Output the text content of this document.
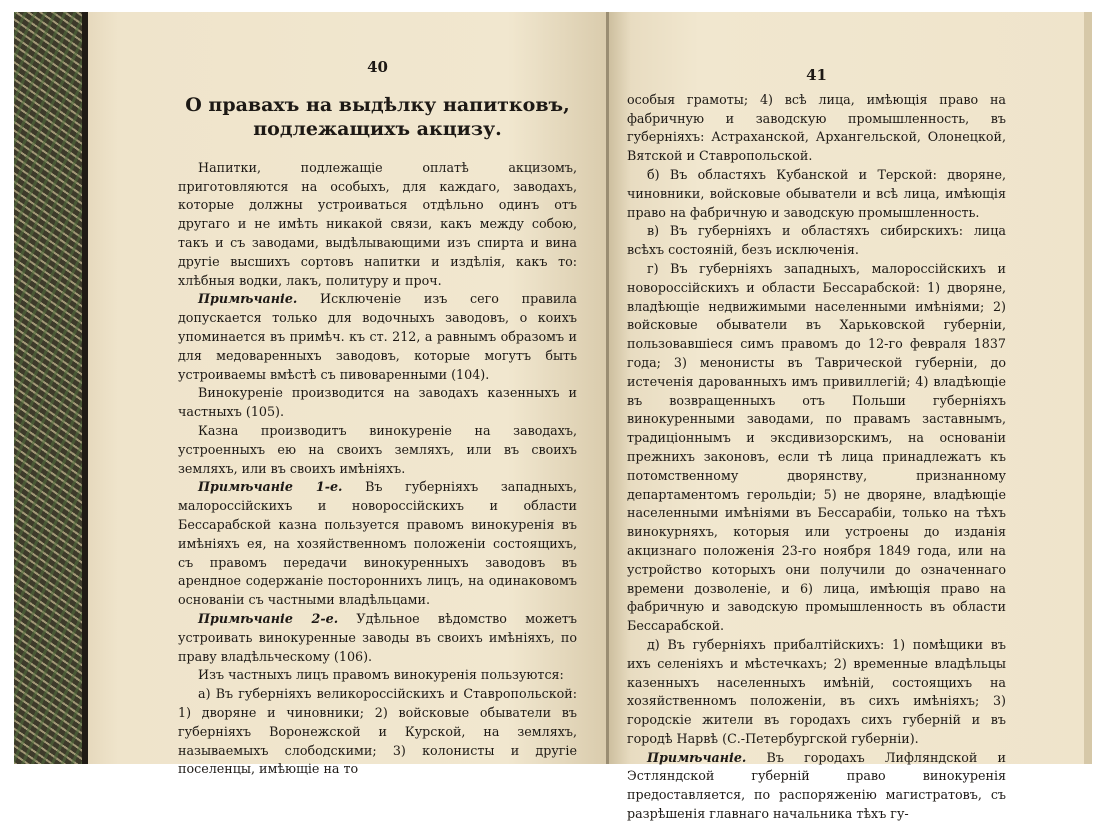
40
О правахъ на выдѣлку напитковъ, подлежащихъ акцизу.

Напитки, подлежащіе оплатѣ акцизомъ, приготовляются на особыхъ, для каждаго, заводахъ, которые должны устроиваться отдѣльно одинъ отъ другаго и не имѣть никакой связи, какъ между собою, такъ и съ заводами, выдѣлывающими изъ спирта и вина другіе высшихъ сортовъ напитки и издѣлія, какъ то: хлѣбныя водки, лакъ, политуру и проч.

Примѣчаніе. Исключеніе изъ сего правила допускается только для водочныхъ заводовъ, о коихъ упоминается въ примѣч. къ ст. 212, а равнымъ образомъ и для медоваренныхъ заводовъ, которые могутъ быть устроиваемы вмѣстѣ съ пивоваренными (104).

Винокуреніе производится на заводахъ казенныхъ и частныхъ (105).

Казна производитъ винокуреніе на заводахъ, устроенныхъ ею на своихъ земляхъ, или въ своихъ земляхъ, или въ своихъ имѣніяхъ.

Примѣчаніе 1-е. Въ губерніяхъ западныхъ, малороссійскихъ и новороссійскихъ и области Бессарабской казна пользуется правомъ винокуренія въ имѣніяхъ ея, на хозяйственномъ положеніи состоящихъ, съ правомъ передачи винокуренныхъ заводовъ въ арендное содержаніе постороннихъ лицъ, на одинаковомъ основаніи съ частными владѣльцами.

Примѣчаніе 2-е. Удѣльное вѣдомство можетъ устроивать винокуренные заводы въ своихъ имѣніяхъ, по праву владѣльческому (106).

Изъ частныхъ лицъ правомъ винокуренія пользуются:

а) Въ губерніяхъ великороссійскихъ и Ставропольской: 1) дворяне и чиновники; 2) войсковые обыватели въ губерніяхъ Воронежской и Курской, на земляхъ, называемыхъ слободскими; 3) колонисты и другіе поселенцы, имѣющіе на то

41

особыя грамоты; 4) всѣ лица, имѣющія право на фабричную и заводскую промышленность, въ губерніяхъ: Астраханской, Архангельской, Олонецкой, Вятской и Ставропольской.

б) Въ областяхъ Кубанской и Терской: дворяне, чиновники, войсковые обыватели и всѣ лица, имѣющія право на фабричную и заводскую промышленность.

в) Въ губерніяхъ и областяхъ сибирскихъ: лица всѣхъ состояній, безъ исключенія.

г) Въ губерніяхъ западныхъ, малороссійскихъ и новороссійскихъ и области Бессарабской: 1) дворяне, владѣющіе недвижимыми населенными имѣніями; 2) войсковые обыватели въ Харьковской губерніи, пользовавшіеся симъ правомъ до 12-го февраля 1837 года; 3) менонисты въ Таврической губерніи, до истеченія дарованныхъ имъ привиллегій; 4) владѣющіе въ возвращенныхъ отъ Польши губерніяхъ винокуренными заводами, по правамъ заставнымъ, традиціоннымъ и эксдивизорскимъ, на основаніи прежнихъ законовъ, если тѣ лица принадлежатъ къ потомственному дворянству, признанному департаментомъ герольдіи; 5) не дворяне, владѣющіе населенными имѣніями въ Бессарабіи, только на тѣхъ винокурняхъ, которыя или устроены до изданія акцизнаго положенія 23-го ноября 1849 года, или на устройство которыхъ они получили до означеннаго времени дозволеніе, и 6) лица, имѣющія право на фабричную и заводскую промышленность въ области Бессарабской.

д) Въ губерніяхъ прибалтійскихъ: 1) помѣщики въ ихъ селеніяхъ и мѣстечкахъ; 2) временные владѣльцы казенныхъ населенныхъ имѣній, состоящихъ на хозяйственномъ положеніи, въ сихъ имѣніяхъ; 3) городскіе жители въ городахъ сихъ губерній и въ городѣ Нарвѣ (С.-Петербургской губерніи).

Примѣчаніе. Въ городахъ Лифляндской и Эстляндской губерній право винокуренія предоставляется, по распоряженію магистратовъ, съ разрѣшенія главнаго начальника тѣхъ гу-
